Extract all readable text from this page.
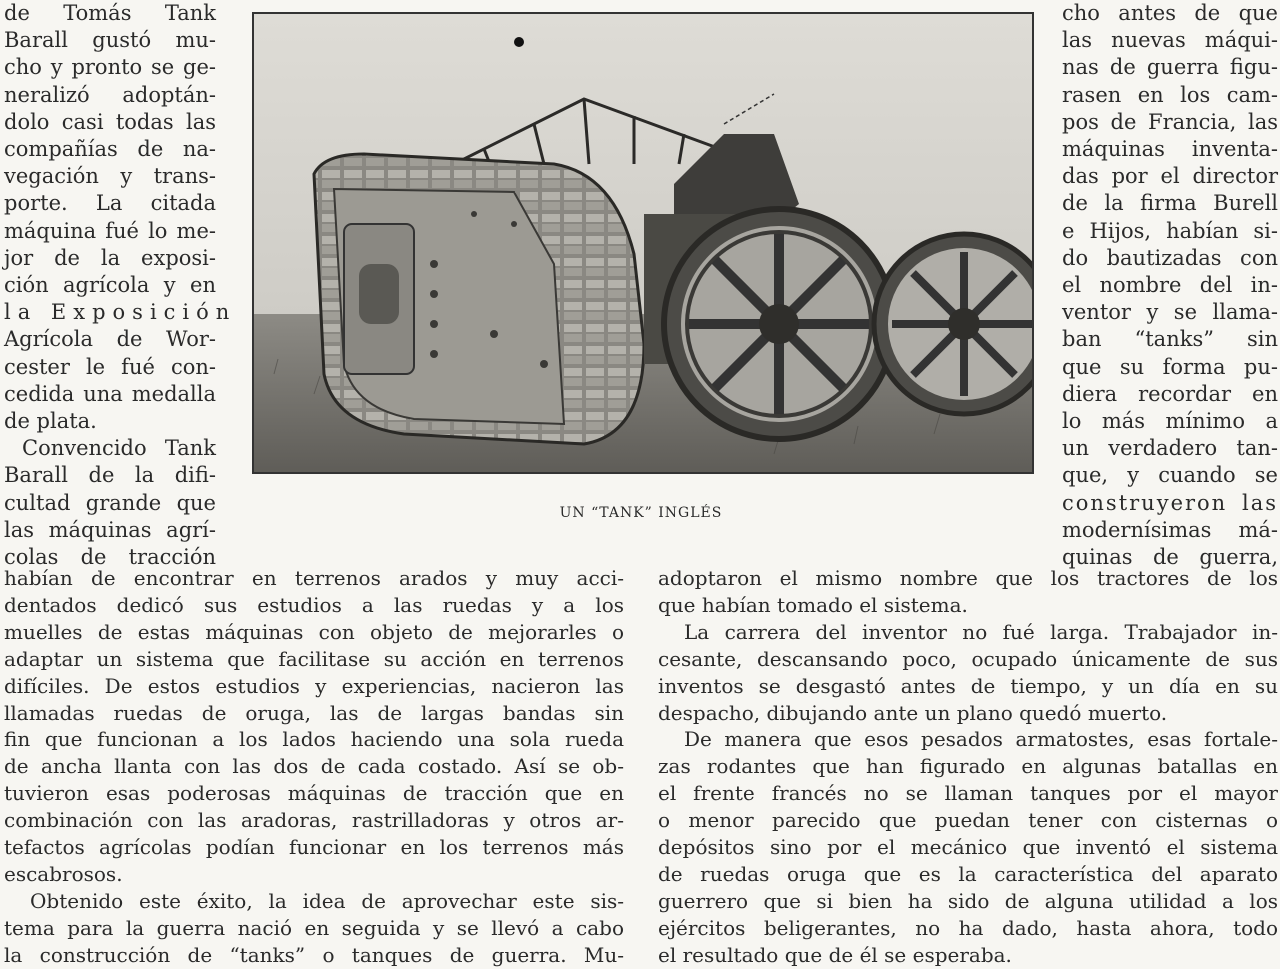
de Tomás Tank
Barall gustó mu-
cho y pronto se ge-
neralizó adoptán-
dolo casi todas las
compañías de na-
vegación y trans-
porte. La citada
máquina fué lo me-
jor de la exposi-
ción agrícola y en
la Exposición
Agrícola de Wor-
cester le fué con-
cedida una medalla
de plata.
Convencido Tank
Barall de la difi-
cultad grande que
las máquinas agrí-
colas de tracción
UN “TANK” INGLÉS
cho antes de que
las nuevas máqui-
nas de guerra figu-
rasen en los cam-
pos de Francia, las
máquinas inventa-
das por el director
de la firma Burell
e Hijos, habían si-
do bautizadas con
el nombre del in-
ventor y se llama-
ban “tanks” sin
que su forma pu-
diera recordar en
lo más mínimo a
un verdadero tan-
que, y cuando se
construyeron las
modernísimas má-
quinas de guerra,
habían de encontrar en terrenos arados y muy acci-
dentados dedicó sus estudios a las ruedas y a los
muelles de estas máquinas con objeto de mejorarles o
adaptar un sistema que facilitase su acción en terrenos
difíciles. De estos estudios y experiencias, nacieron las
llamadas ruedas de oruga, las de largas bandas sin
fin que funcionan a los lados haciendo una sola rueda
de ancha llanta con las dos de cada costado. Así se ob-
tuvieron esas poderosas máquinas de tracción que en
combinación con las aradoras, rastrilladoras y otros ar-
tefactos agrícolas podían funcionar en los terrenos más
escabrosos.
Obtenido este éxito, la idea de aprovechar este sis-
tema para la guerra nació en seguida y se llevó a cabo
la construcción de “tanks” o tanques de guerra. Mu-
adoptaron el mismo nombre que los tractores de los
que habían tomado el sistema.
La carrera del inventor no fué larga. Trabajador in-
cesante, descansando poco, ocupado únicamente de sus
inventos se desgastó antes de tiempo, y un día en su
despacho, dibujando ante un plano quedó muerto.
De manera que esos pesados armatostes, esas fortale-
zas rodantes que han figurado en algunas batallas en
el frente francés no se llaman tanques por el mayor
o menor parecido que puedan tener con cisternas o
depósitos sino por el mecánico que inventó el sistema
de ruedas oruga que es la característica del aparato
guerrero que si bien ha sido de alguna utilidad a los
ejércitos beligerantes, no ha dado, hasta ahora, todo
el resultado que de él se esperaba.
